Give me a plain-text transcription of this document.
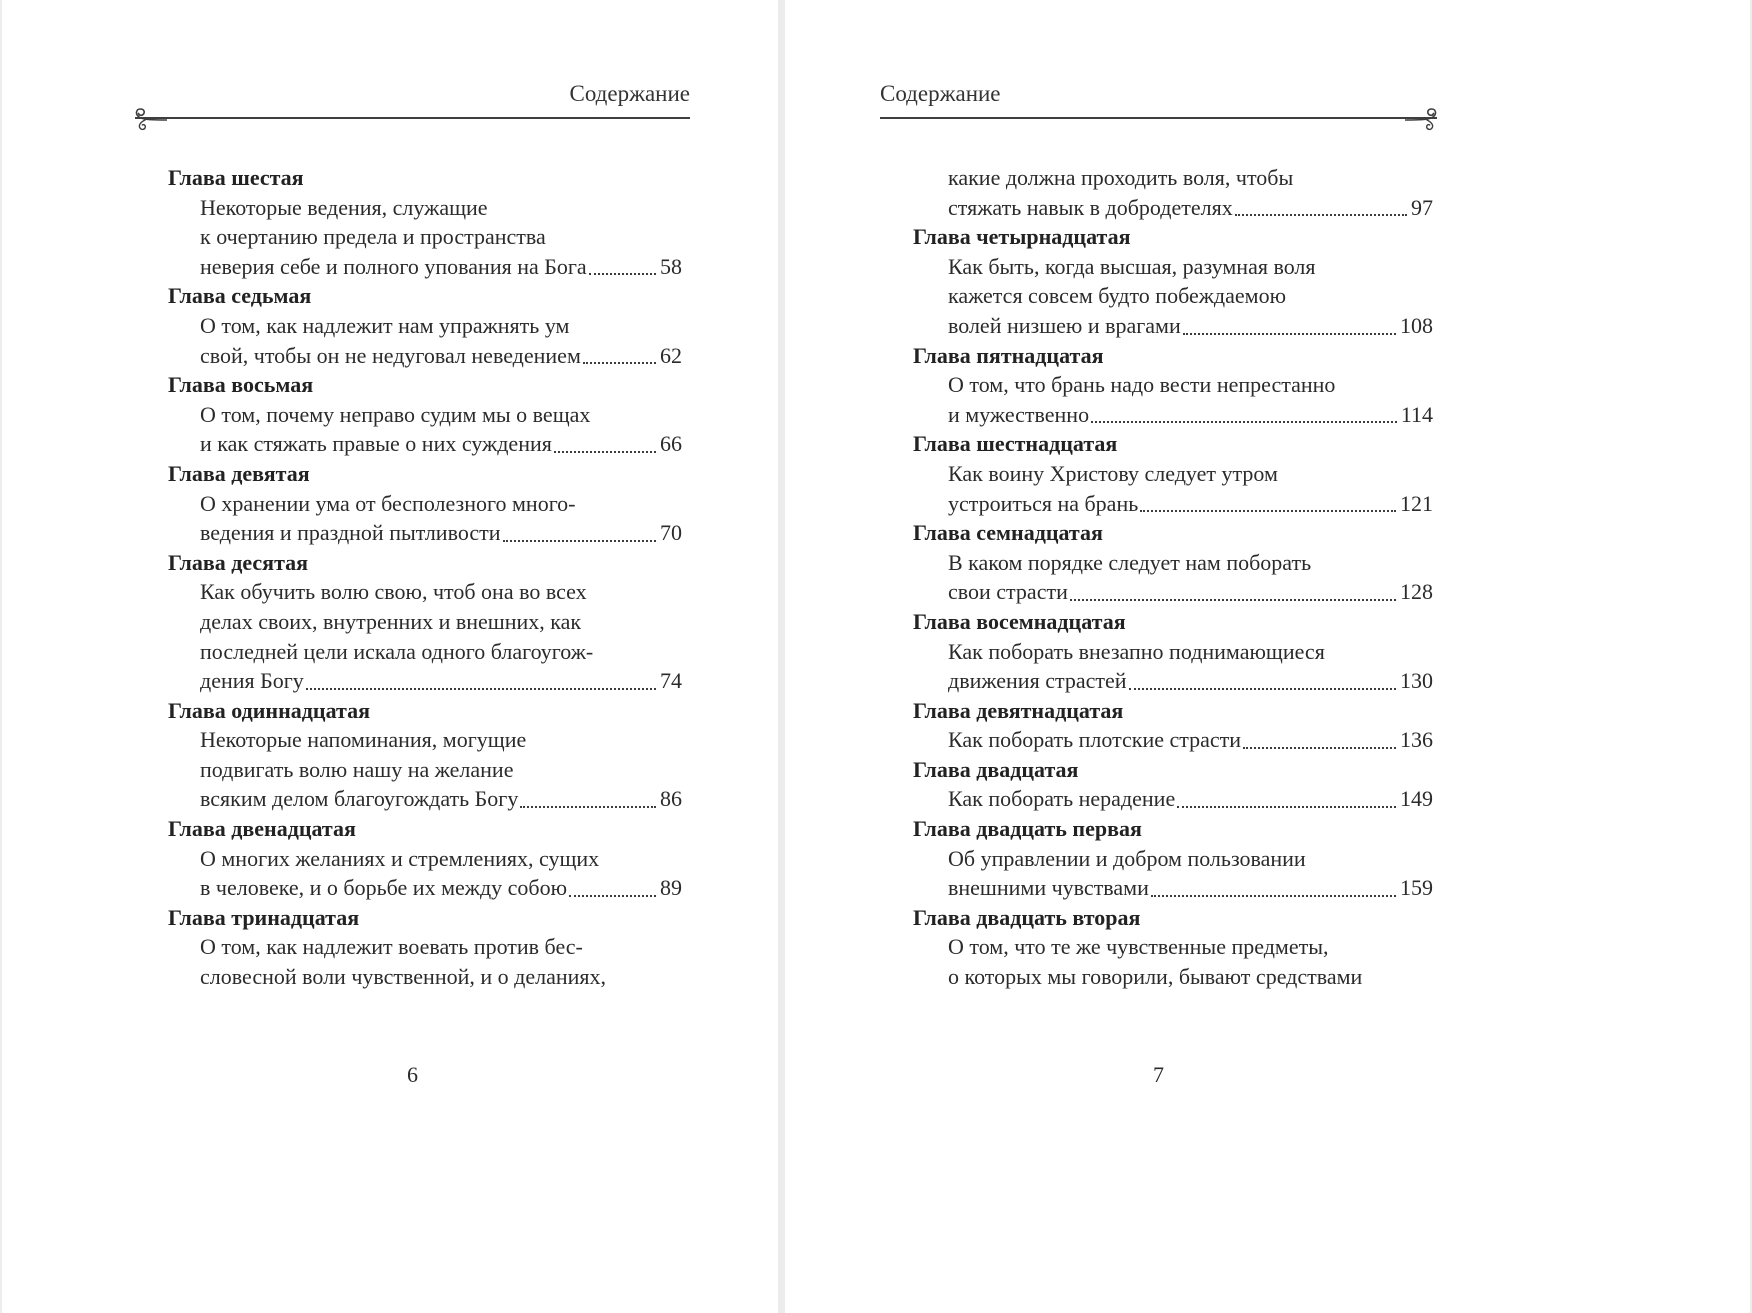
Содержание
Глава шестая
Некоторые ведения, служащие
к очертанию предела и пространства
неверия себе и полного упования на Бога	58
Глава седьмая
О том, как надлежит нам упражнять ум
свой, чтобы он не недуговал неведением	62
Глава восьмая
О том, почему неправо судим мы о вещах
и как стяжать правые о них суждения	66
Глава девятая
О хранении ума от бесполезного много-
ведения и праздной пытливости	70
Глава десятая
Как обучить волю свою, чтоб она во всех
делах своих, внутренних и внешних, как
последней цели искала одного благоугож-
дения Богу	74
Глава одиннадцатая
Некоторые напоминания, могущие
подвигать волю нашу на желание
всяким делом благоугождать Богу	86
Глава двенадцатая
О многих желаниях и стремлениях, сущих
в человеке, и о борьбе их между собою	89
Глава тринадцатая
О том, как надлежит воевать против бес-
словесной воли чувственной, и о деланиях,
6
Содержание
какие должна проходить воля, чтобы
стяжать навык в добродетелях	97
Глава четырнадцатая
Как быть, когда высшая, разумная воля
кажется совсем будто побеждаемою
волей низшею и врагами	108
Глава пятнадцатая
О том, что брань надо вести непрестанно
и мужественно	114
Глава шестнадцатая
Как воину Христову следует утром
устроиться на брань	121
Глава семнадцатая
В каком порядке следует нам поборать
свои страсти	128
Глава восемнадцатая
Как поборать внезапно поднимающиеся
движения страстей	130
Глава девятнадцатая
Как поборать плотские страсти	136
Глава двадцатая
Как поборать нерадение	149
Глава двадцать первая
Об управлении и добром пользовании
внешними чувствами	159
Глава двадцать вторая
О том, что те же чувственные предметы,
о которых мы говорили, бывают средствами
7
